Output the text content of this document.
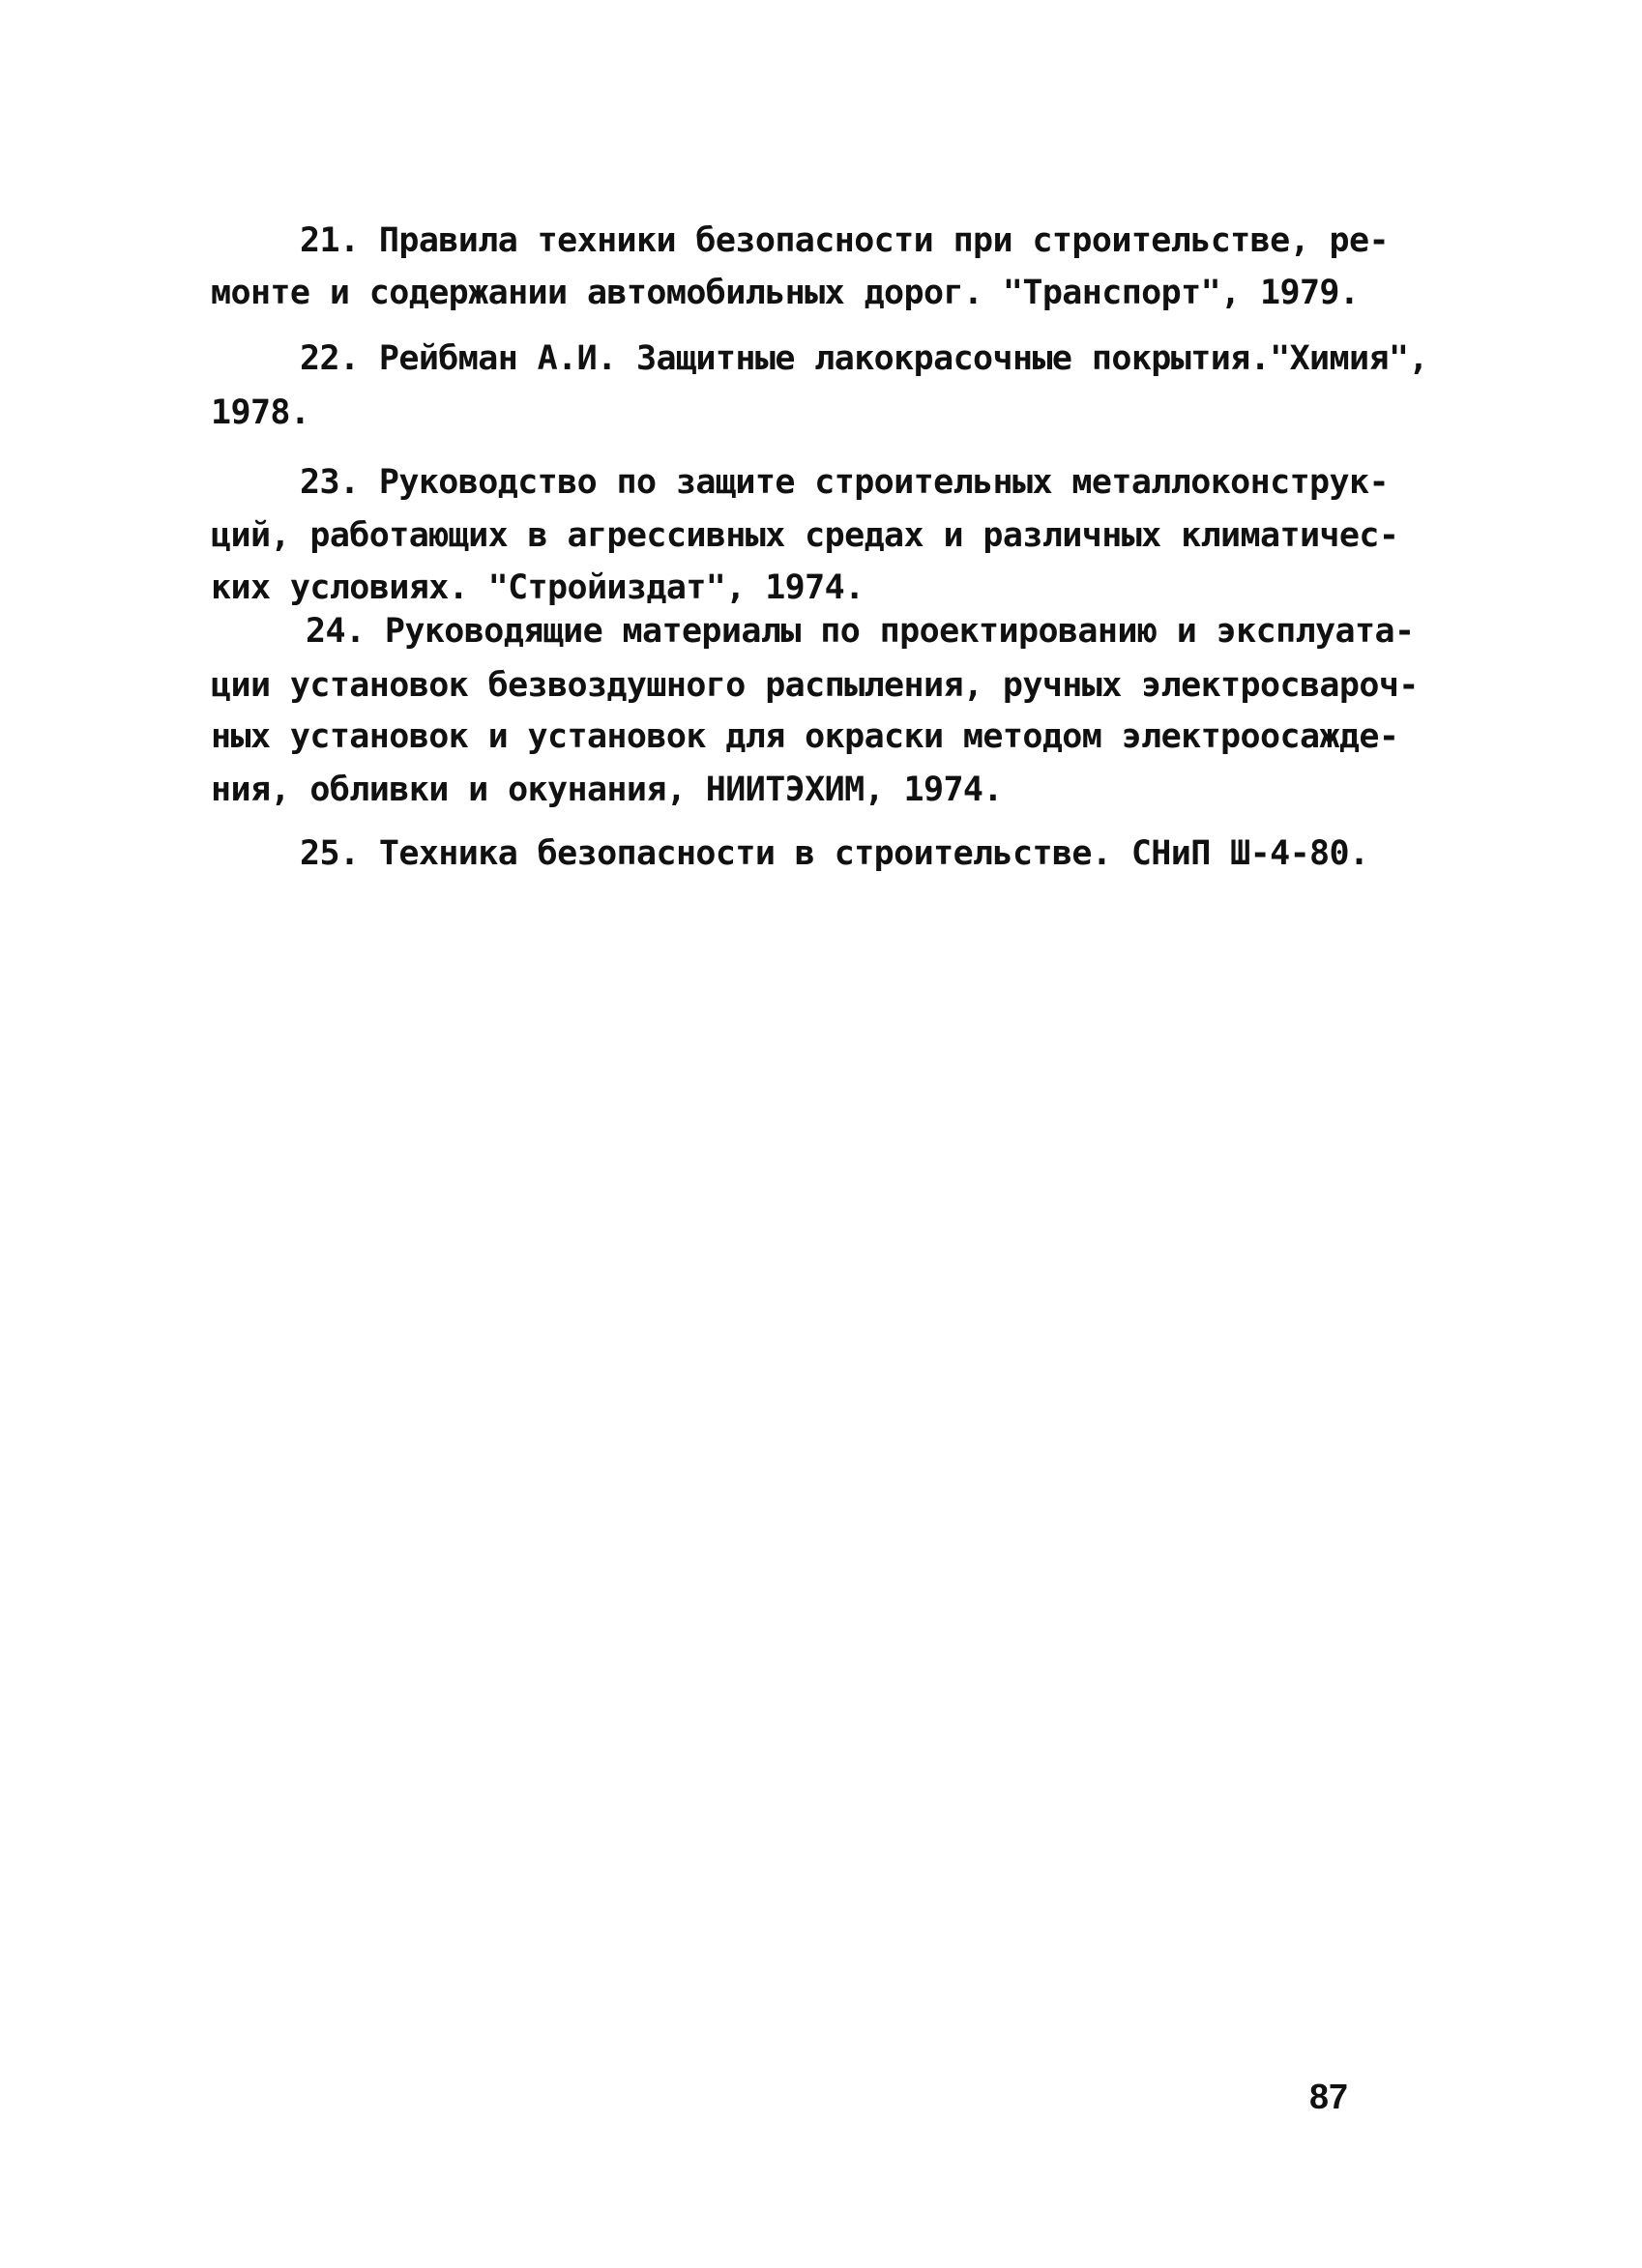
21. Правила техники безопасности при строительстве, ре-
монте и содержании автомобильных дорог. "Транспорт", 1979.
22. Рейбман А.И. Защитные лакокрасочные покрытия."Химия",
1978.
23. Руководство по защите строительных металлоконструк-
ций, работающих в агрессивных средах и различных климатичес-
ких условиях. "Стройиздат", 1974.
24. Руководящие материалы по проектированию и эксплуата-
ции установок безвоздушного распыления, ручных электросвароч-
ных установок и установок для окраски методом электроосажде-
ния, обливки и окунания, НИИТЭХИМ, 1974.
25. Техника безопасности в строительстве. СНиП Ш-4-80.
87
